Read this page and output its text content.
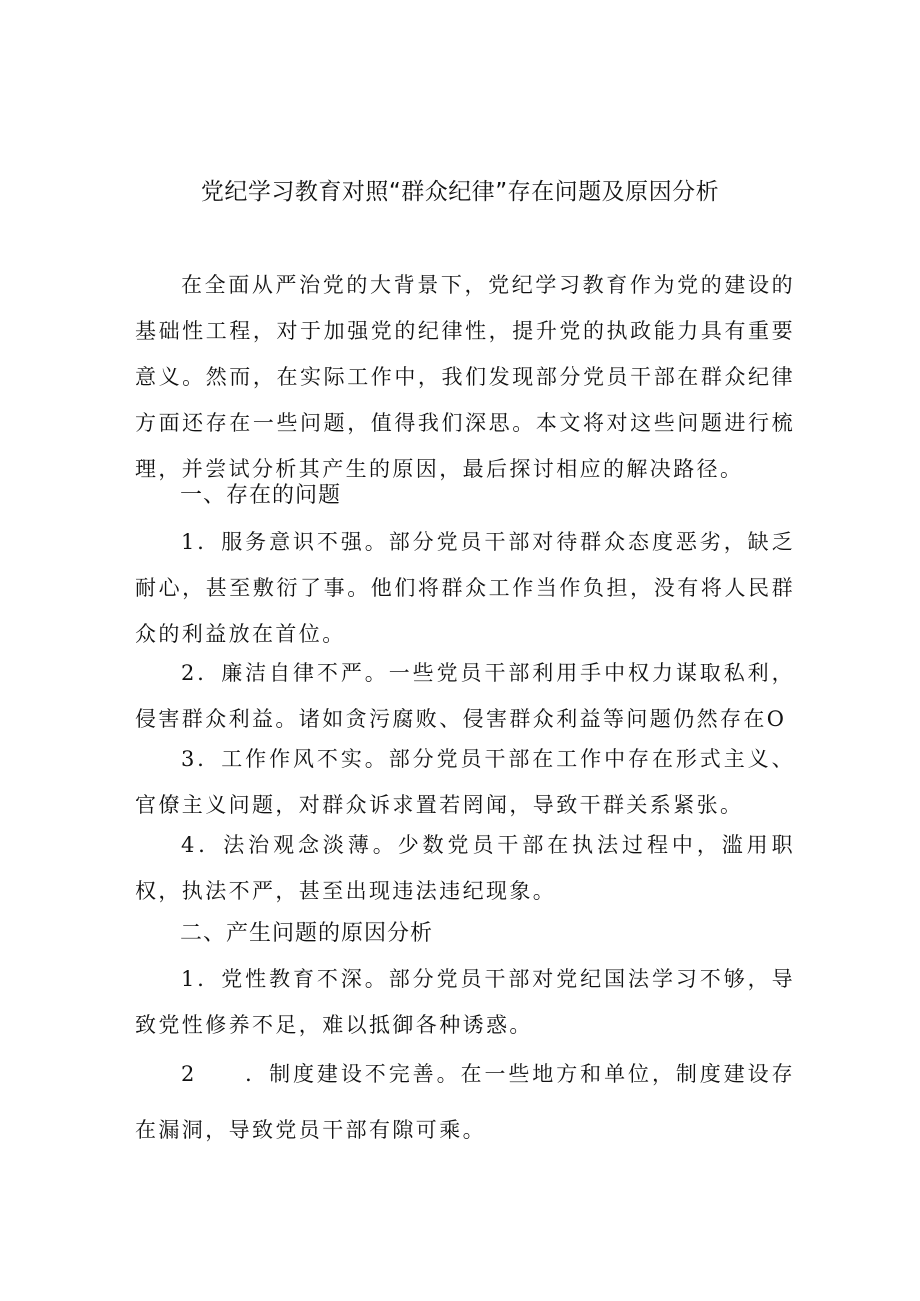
党纪学习教育对照“群众纪律”存在问题及原因分析

在全面从严治党的大背景下，党纪学习教育作为党的建设的基础性工程，对于加强党的纪律性，提升党的执政能力具有重要意义。然而，在实际工作中，我们发现部分党员干部在群众纪律方面还存在一些问题，值得我们深思。本文将对这些问题进行梳理，并尝试分析其产生的原因，最后探讨相应的解决路径。

一、存在的问题

1．服务意识不强。部分党员干部对待群众态度恶劣，缺乏耐心，甚至敷衍了事。他们将群众工作当作负担，没有将人民群众的利益放在首位。

2．廉洁自律不严。一些党员干部利用手中权力谋取私利，侵害群众利益。诸如贪污腐败、侵害群众利益等问题仍然存在O

3．工作作风不实。部分党员干部在工作中存在形式主义、官僚主义问题，对群众诉求置若罔闻，导致干群关系紧张。

4．法治观念淡薄。少数党员干部在执法过程中，滥用职权，执法不严，甚至出现违法违纪现象。

二、产生问题的原因分析

1．党性教育不深。部分党员干部对党纪国法学习不够，导致党性修养不足，难以抵御各种诱惑。

2　　．制度建设不完善。在一些地方和单位，制度建设存在漏洞，导致党员干部有隙可乘。
